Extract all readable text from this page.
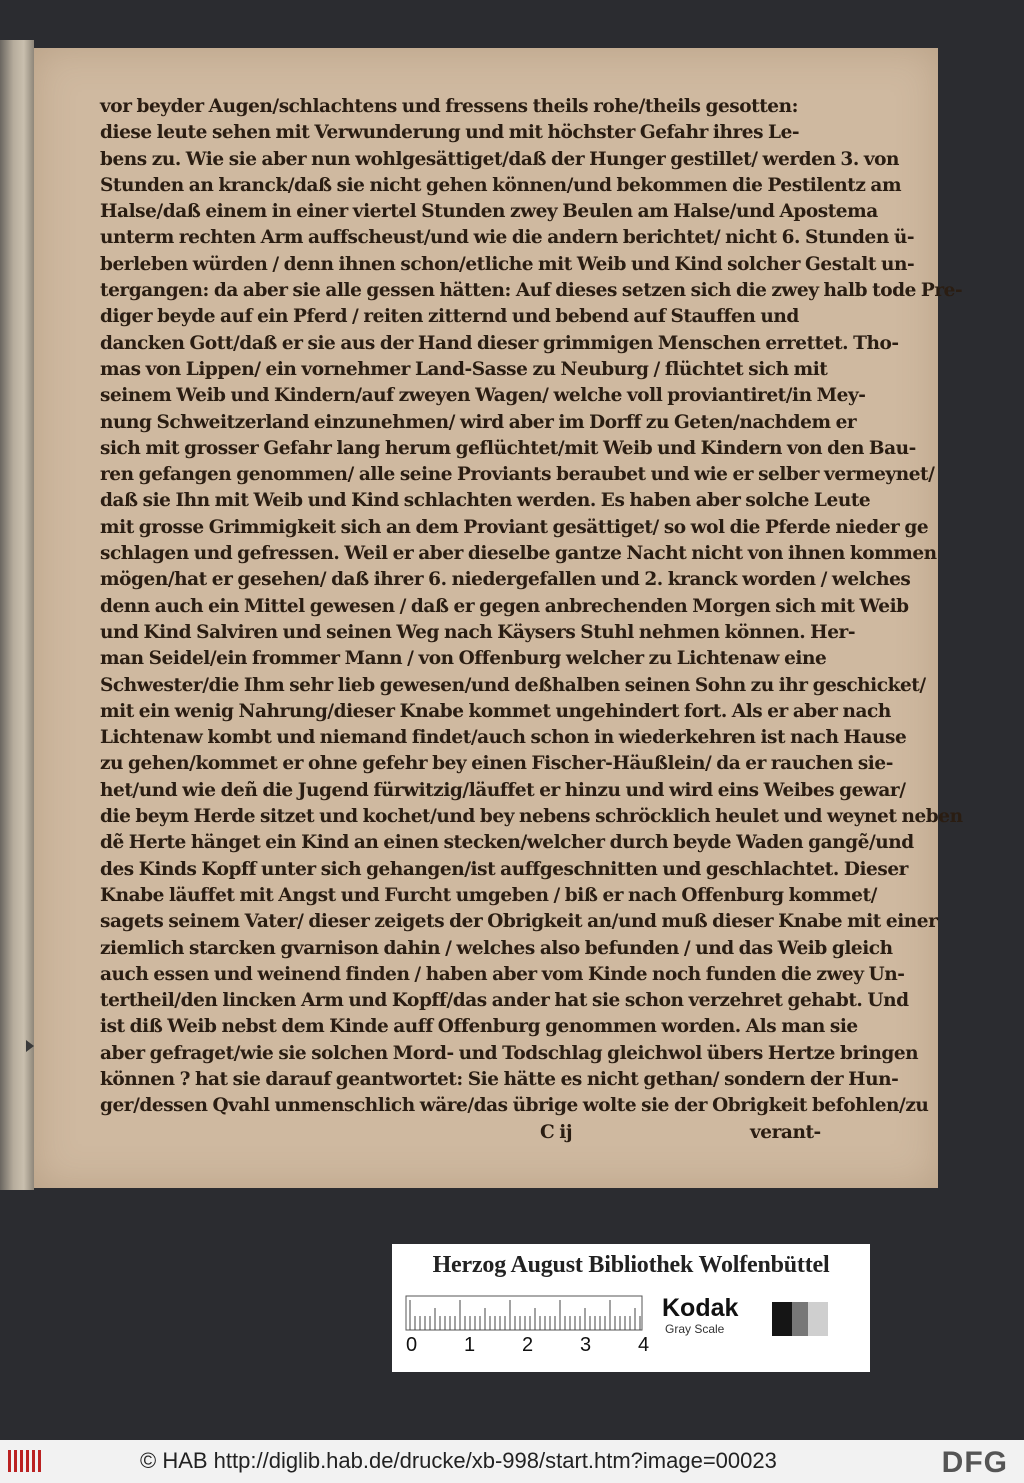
vor beyder Augen/schlachtens und fressens theils rohe/theils gesotten:
diese leute sehen mit Verwunderung und mit höchster Gefahr ihres Le-
bens zu. Wie sie aber nun wohlgesättiget/daß der Hunger gestillet/ werden 3. von
Stunden an kranck/daß sie nicht gehen können/und bekommen die Pestilentz am
Halse/daß einem in einer viertel Stunden zwey Beulen am Halse/und Apostema
unterm rechten Arm auffscheust/und wie die andern berichtet/ nicht 6. Stunden ü-
berleben würden / denn ihnen schon/etliche mit Weib und Kind solcher Gestalt un-
tergangen: da aber sie alle gessen hätten: Auf dieses setzen sich die zwey halb tode Pre-
diger beyde auf ein Pferd / reiten zitternd und bebend auf Stauffen und
dancken Gott/daß er sie aus der Hand dieser grimmigen Menschen errettet. Tho-
mas von Lippen/ ein vornehmer Land-Sasse zu Neuburg / flüchtet sich mit
seinem Weib und Kindern/auf zweyen Wagen/ welche voll proviantiret/in Mey-
nung Schweitzerland einzunehmen/ wird aber im Dorff zu Geten/nachdem er
sich mit grosser Gefahr lang herum geflüchtet/mit Weib und Kindern von den Bau-
ren gefangen genommen/ alle seine Proviants beraubet und wie er selber vermeynet/
daß sie Ihn mit Weib und Kind schlachten werden. Es haben aber solche Leute
mit grosse Grimmigkeit sich an dem Proviant gesättiget/ so wol die Pferde nieder ge
schlagen und gefressen. Weil er aber dieselbe gantze Nacht nicht von ihnen kommen
mögen/hat er gesehen/ daß ihrer 6. niedergefallen und 2. kranck worden / welches
denn auch ein Mittel gewesen / daß er gegen anbrechenden Morgen sich mit Weib
und Kind Salviren und seinen Weg nach Käysers Stuhl nehmen können. Her-
man Seidel/ein frommer Mann / von Offenburg welcher zu Lichtenaw eine
Schwester/die Ihm sehr lieb gewesen/und deßhalben seinen Sohn zu ihr geschicket/
mit ein wenig Nahrung/dieser Knabe kommet ungehindert fort. Als er aber nach
Lichtenaw kombt und niemand findet/auch schon in wiederkehren ist nach Hause
zu gehen/kommet er ohne gefehr bey einen Fischer-Häußlein/ da er rauchen sie-
het/und wie deñ die Jugend fürwitzig/läuffet er hinzu und wird eins Weibes gewar/
die beym Herde sitzet und kochet/und bey nebens schröcklich heulet und weynet neben
dẽ Herte hänget ein Kind an einen stecken/welcher durch beyde Waden gangẽ/und
des Kinds Kopff unter sich gehangen/ist auffgeschnitten und geschlachtet. Dieser
Knabe läuffet mit Angst und Furcht umgeben / biß er nach Offenburg kommet/
sagets seinem Vater/ dieser zeigets der Obrigkeit an/und muß dieser Knabe mit einer
ziemlich starcken gvarnison dahin / welches also befunden / und das Weib gleich
auch essen und weinend finden / haben aber vom Kinde noch funden die zwey Un-
tertheil/den lincken Arm und Kopff/das ander hat sie schon verzehret gehabt. Und
ist diß Weib nebst dem Kinde auff Offenburg genommen worden. Als man sie
aber gefraget/wie sie solchen Mord- und Todschlag gleichwol übers Hertze bringen
können ? hat sie darauf geantwortet: Sie hätte es nicht gethan/ sondern der Hun-
ger/dessen Qvahl unmenschlich wäre/das übrige wolte sie der Obrigkeit befohlen/zu
C ij	verant-
Herzog August Bibliothek Wolfenbüttel
0 1 2 3 4
Kodak
Gray Scale
© HAB http://diglib.hab.de/drucke/xb-998/start.htm?image=00023	DFG
